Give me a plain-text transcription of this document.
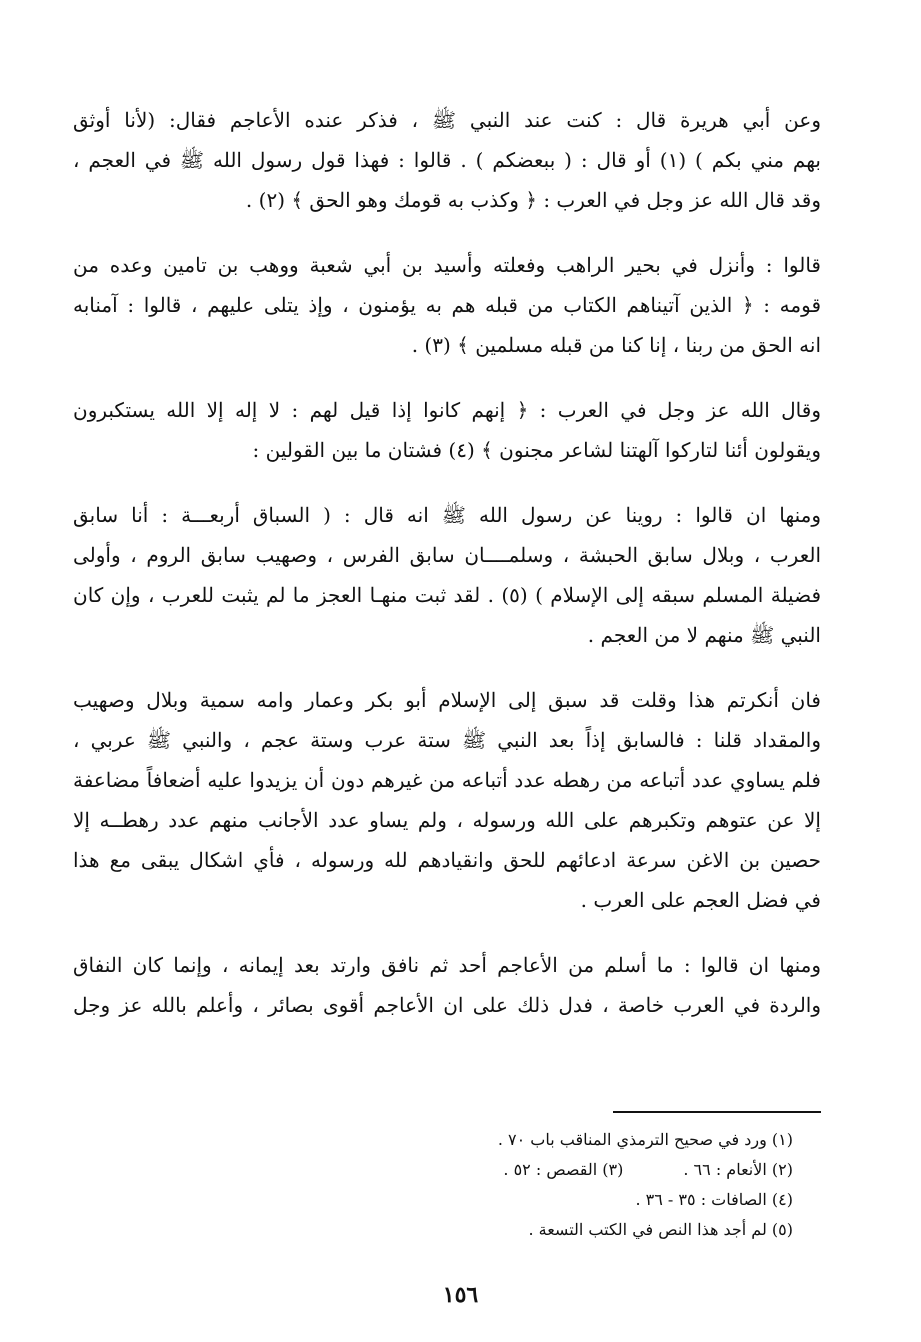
وعن أبي هريرة قال : كنت عند النبي ﷺ ، فذكر عنده الأعاجم فقال: (لأنا أوثق
بهم مني بكم ) (١) أو قال : ( ببعضكم ) . قالوا : فهذا قول رسول الله ﷺ في العجم ،
وقد قال الله عز وجل في العرب : ﴿ وكذب به قومك وهو الحق ﴾ (٢) .

قالوا : وأنزل في بحير الراهب وفعلته وأسيد بن أبي شعبة ووهب بن تامين وعده من
قومه : ﴿ الذين آتيناهم الكتاب من قبله هم به يؤمنون ، وإذ يتلى عليهم ، قالوا : آمنابه
انه الحق من ربنا ، إنا كنا من قبله مسلمين ﴾ (٣) .

وقال الله عز وجل في العرب : ﴿ إنهم كانوا إذا قيل لهم : لا إله إلا الله يستكبرون
ويقولون أئنا لتاركوا آلهتنا لشاعر مجنون ﴾ (٤) فشتان ما بين القولين :

ومنها ان قالوا : روينا عن رسول الله ﷺ انه قال : ( السباق أربعـــة : أنا سابق
العرب ، وبلال سابق الحبشة ، وسلمــــان سابق الفرس ، وصهيب سابق الروم ، وأولى
فضيلة المسلم سبقه إلى الإسلام ) (٥) . لقد ثبت منهـا العجز ما لم يثبت للعرب ، وإن كان
النبي ﷺ منهم لا من العجم .

فان أنكرتم هذا وقلت قد سبق إلى الإسلام أبو بكر وعمار وامه سمية وبلال وصهيب
والمقداد قلنا : فالسابق إذاً بعد النبي ﷺ ستة عرب وستة عجم ، والنبي ﷺ عربي ،
فلم يساوي عدد أتباعه من رهطه عدد أتباعه من غيرهم دون أن يزيدوا عليه أضعافاً مضاعفة
إلا عن عتوهم وتكبرهم على الله ورسوله ، ولم يساو عدد الأجانب منهم عدد رهطــه إلا
حصين بن الاغن سرعة ادعائهم للحق وانقيادهم لله ورسوله ، فأي اشكال يبقى مع هذا
في فضل العجم على العرب .

ومنها ان قالوا : ما أسلم من الأعاجم أحد ثم نافق وارتد بعد إيمانه ، وإنما كان النفاق
والردة في العرب خاصة ، فدل ذلك على ان الأعاجم أقوى بصائر ، وأعلم بالله عز وجل

(١) ورد في صحيح الترمذي المناقب باب ٧٠ .
(٢) الأنعام : ٦٦ .(٣) القصص : ٥٢ .
(٤) الصافات : ٣٥ - ٣٦ .
(٥) لم أجد هذا النص في الكتب التسعة .
١٥٦
